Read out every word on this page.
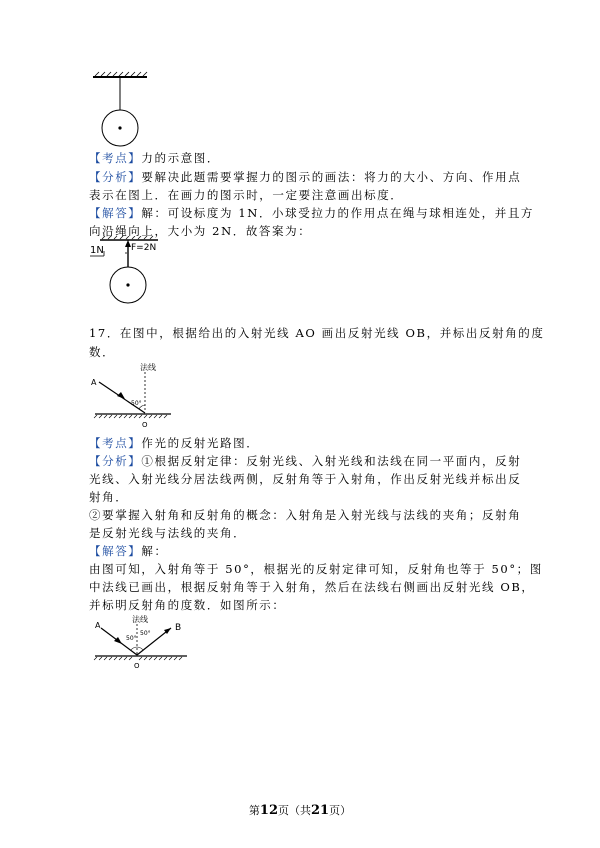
【考点】力的示意图．
【分析】要解决此题需要掌握力的图示的画法：将力的大小、方向、作用点
表示在图上．在画力的图示时，一定要注意画出标度．
【解答】解：可设标度为 1N．小球受拉力的作用点在绳与球相连处，并且方
向沿绳向上，大小为 2N．故答案为：
1N	F=2N
17．在图中，根据给出的入射光线 AO 画出反射光线 OB，并标出反射角的度
数．
法线
A
50°
O
【考点】作光的反射光路图．
【分析】①根据反射定律：反射光线、入射光线和法线在同一平面内，反射
光线、入射光线分居法线两侧，反射角等于入射角，作出反射光线并标出反
射角．
②要掌握入射角和反射角的概念：入射角是入射光线与法线的夹角；反射角
是反射光线与法线的夹角．
【解答】解：
由图可知，入射角等于 50°，根据光的反射定律可知，反射角也等于 50°；图
中法线已画出，根据反射角等于入射角，然后在法线右侧画出反射光线 OB，
并标明反射角的度数．如图所示：
法线
A	B
50°
50°
O
第12页（共21页）
